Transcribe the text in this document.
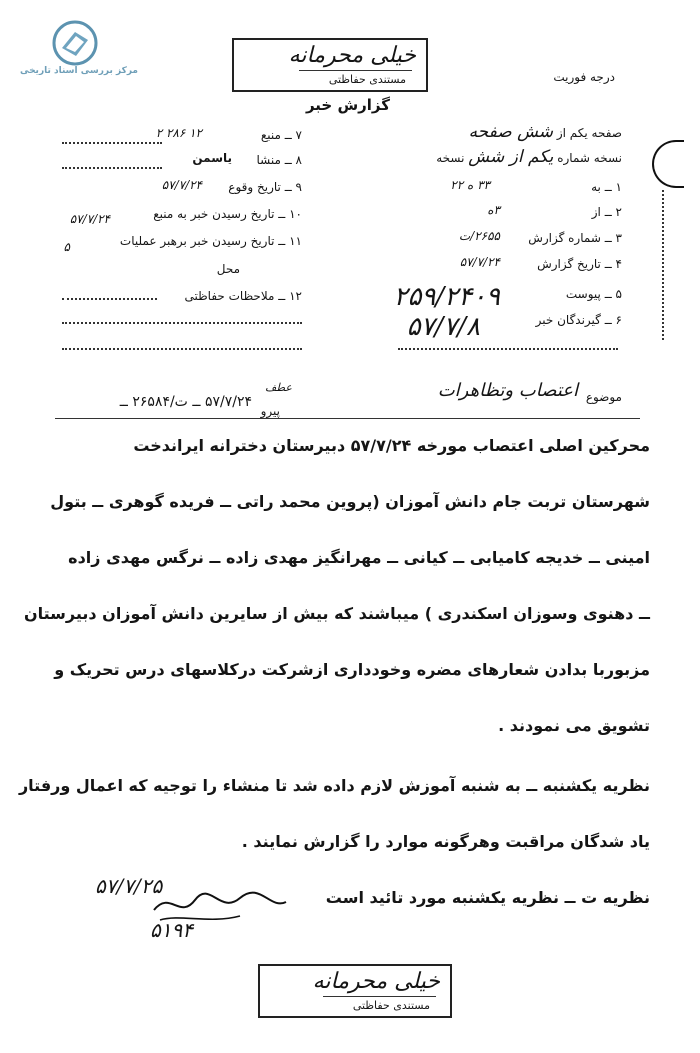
مرکز بررسی اسناد تاریخی
خیلی محرمانه
مستندی حفاظتی	درجه فوریت
گزارش خبر
صفحه یکم از شش صفحه
نسخه شماره یکم از شش نسخه
۷ ــ منبع
۲ ۲۸۶ ۱۲
۸ ــ منشا
یاسمن
۹ ــ تاریخ وقوع
۵۷/۷/۲۴
۱۰ ــ تاریخ رسیدن خبر به منبع
۵۷/۷/۲۴
۱۱ ــ تاریخ رسیدن خبر برهبر عملیات
۵
محل
۱۲ ــ ملاحظات حفاظتی
۱ ــ به
۳۳ ه ۲۲
۲ ــ از
۳ه
۳ ــ شماره گزارش
۲۶۵۵/ت
۴ ــ تاریخ گزارش
۵۷/۷/۲۴
۵ ــ پیوست
۶ ــ گیرندگان خبر
۲۵۹/۲۴۰۹
۵۷/۷/۸
موضوع
اعتصاب وتظاهرات
عطف
پیرو
۵۷/۷/۲۴ ــ ت/۲۶۵۸۴ ــ
محرکین اصلی اعتصاب مورخه ۵۷/۷/۲۴ دبیرستان دخترانه ایراندخت
شهرستان تربت جام دانش آموزان (پروین محمد راتی ــ فریده گوهری ــ بتول
امینی ــ خدیجه کامیابی ــ کیانی ــ مهرانگیز مهدی زاده ــ نرگس مهدی زاده
ــ دهنوی وسوزان اسکندری ) میباشند که بیش از سایرین دانش آموزان دبیرستان
مزبوربا بدادن شعارهای مضره وخودداری ازشرکت درکلاسهای درس تحریک و
تشویق می نمودند .
نظریه یکشنبه ــ به شنبه آموزش لازم داده شد تا منشاء را توجیه که اعمال ورفتار
یاد شدگان مراقبت وهرگونه موارد را گزارش نمایند .
نظریه ت ــ نظریه یکشنبه مورد تائید است
۵۷/۷/۲۵
۵۱۹۴
خیلی محرمانه
مستندی حفاظتی
